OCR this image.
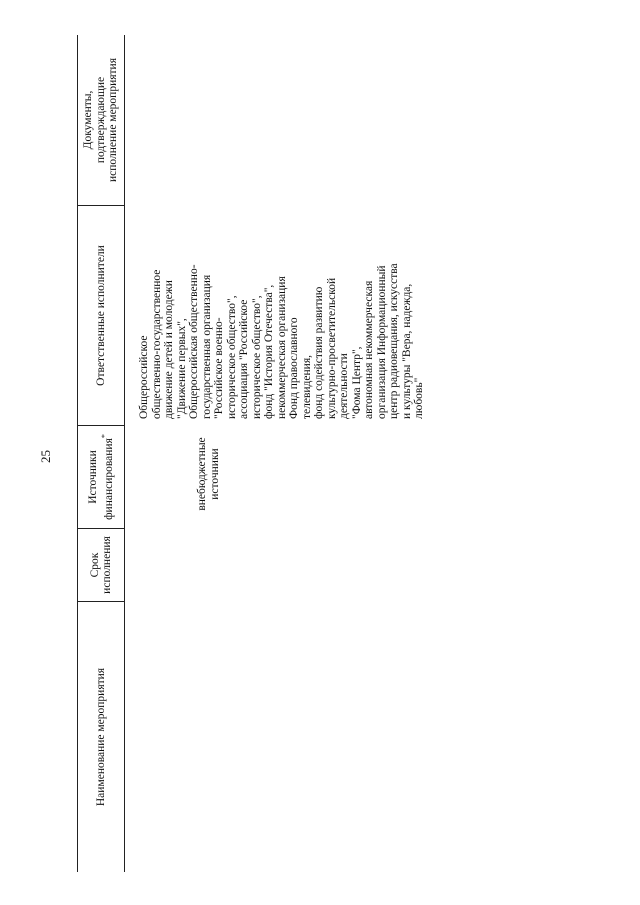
25
Наименование мероприятия
Срок исполнения
Источники финансирования*
Ответственные исполнители
Документы, подтверждающие исполнение мероприятия
внебюджетные источники
Общероссийское общественно-государственное движение детей и молодежи "Движение первых", Общероссийская общественно- государственная организация "Российское военно- историческое общество", ассоциация "Российское историческое общество", фонд "История Отечества", некоммерческая организация Фонд православного телевидения, фонд содействия развитию культурно-просветительской деятельности "Фома Центр", автономная некоммерческая организация Информационный центр радиовещания, искусства и культуры "Вера, надежда, любовь"
